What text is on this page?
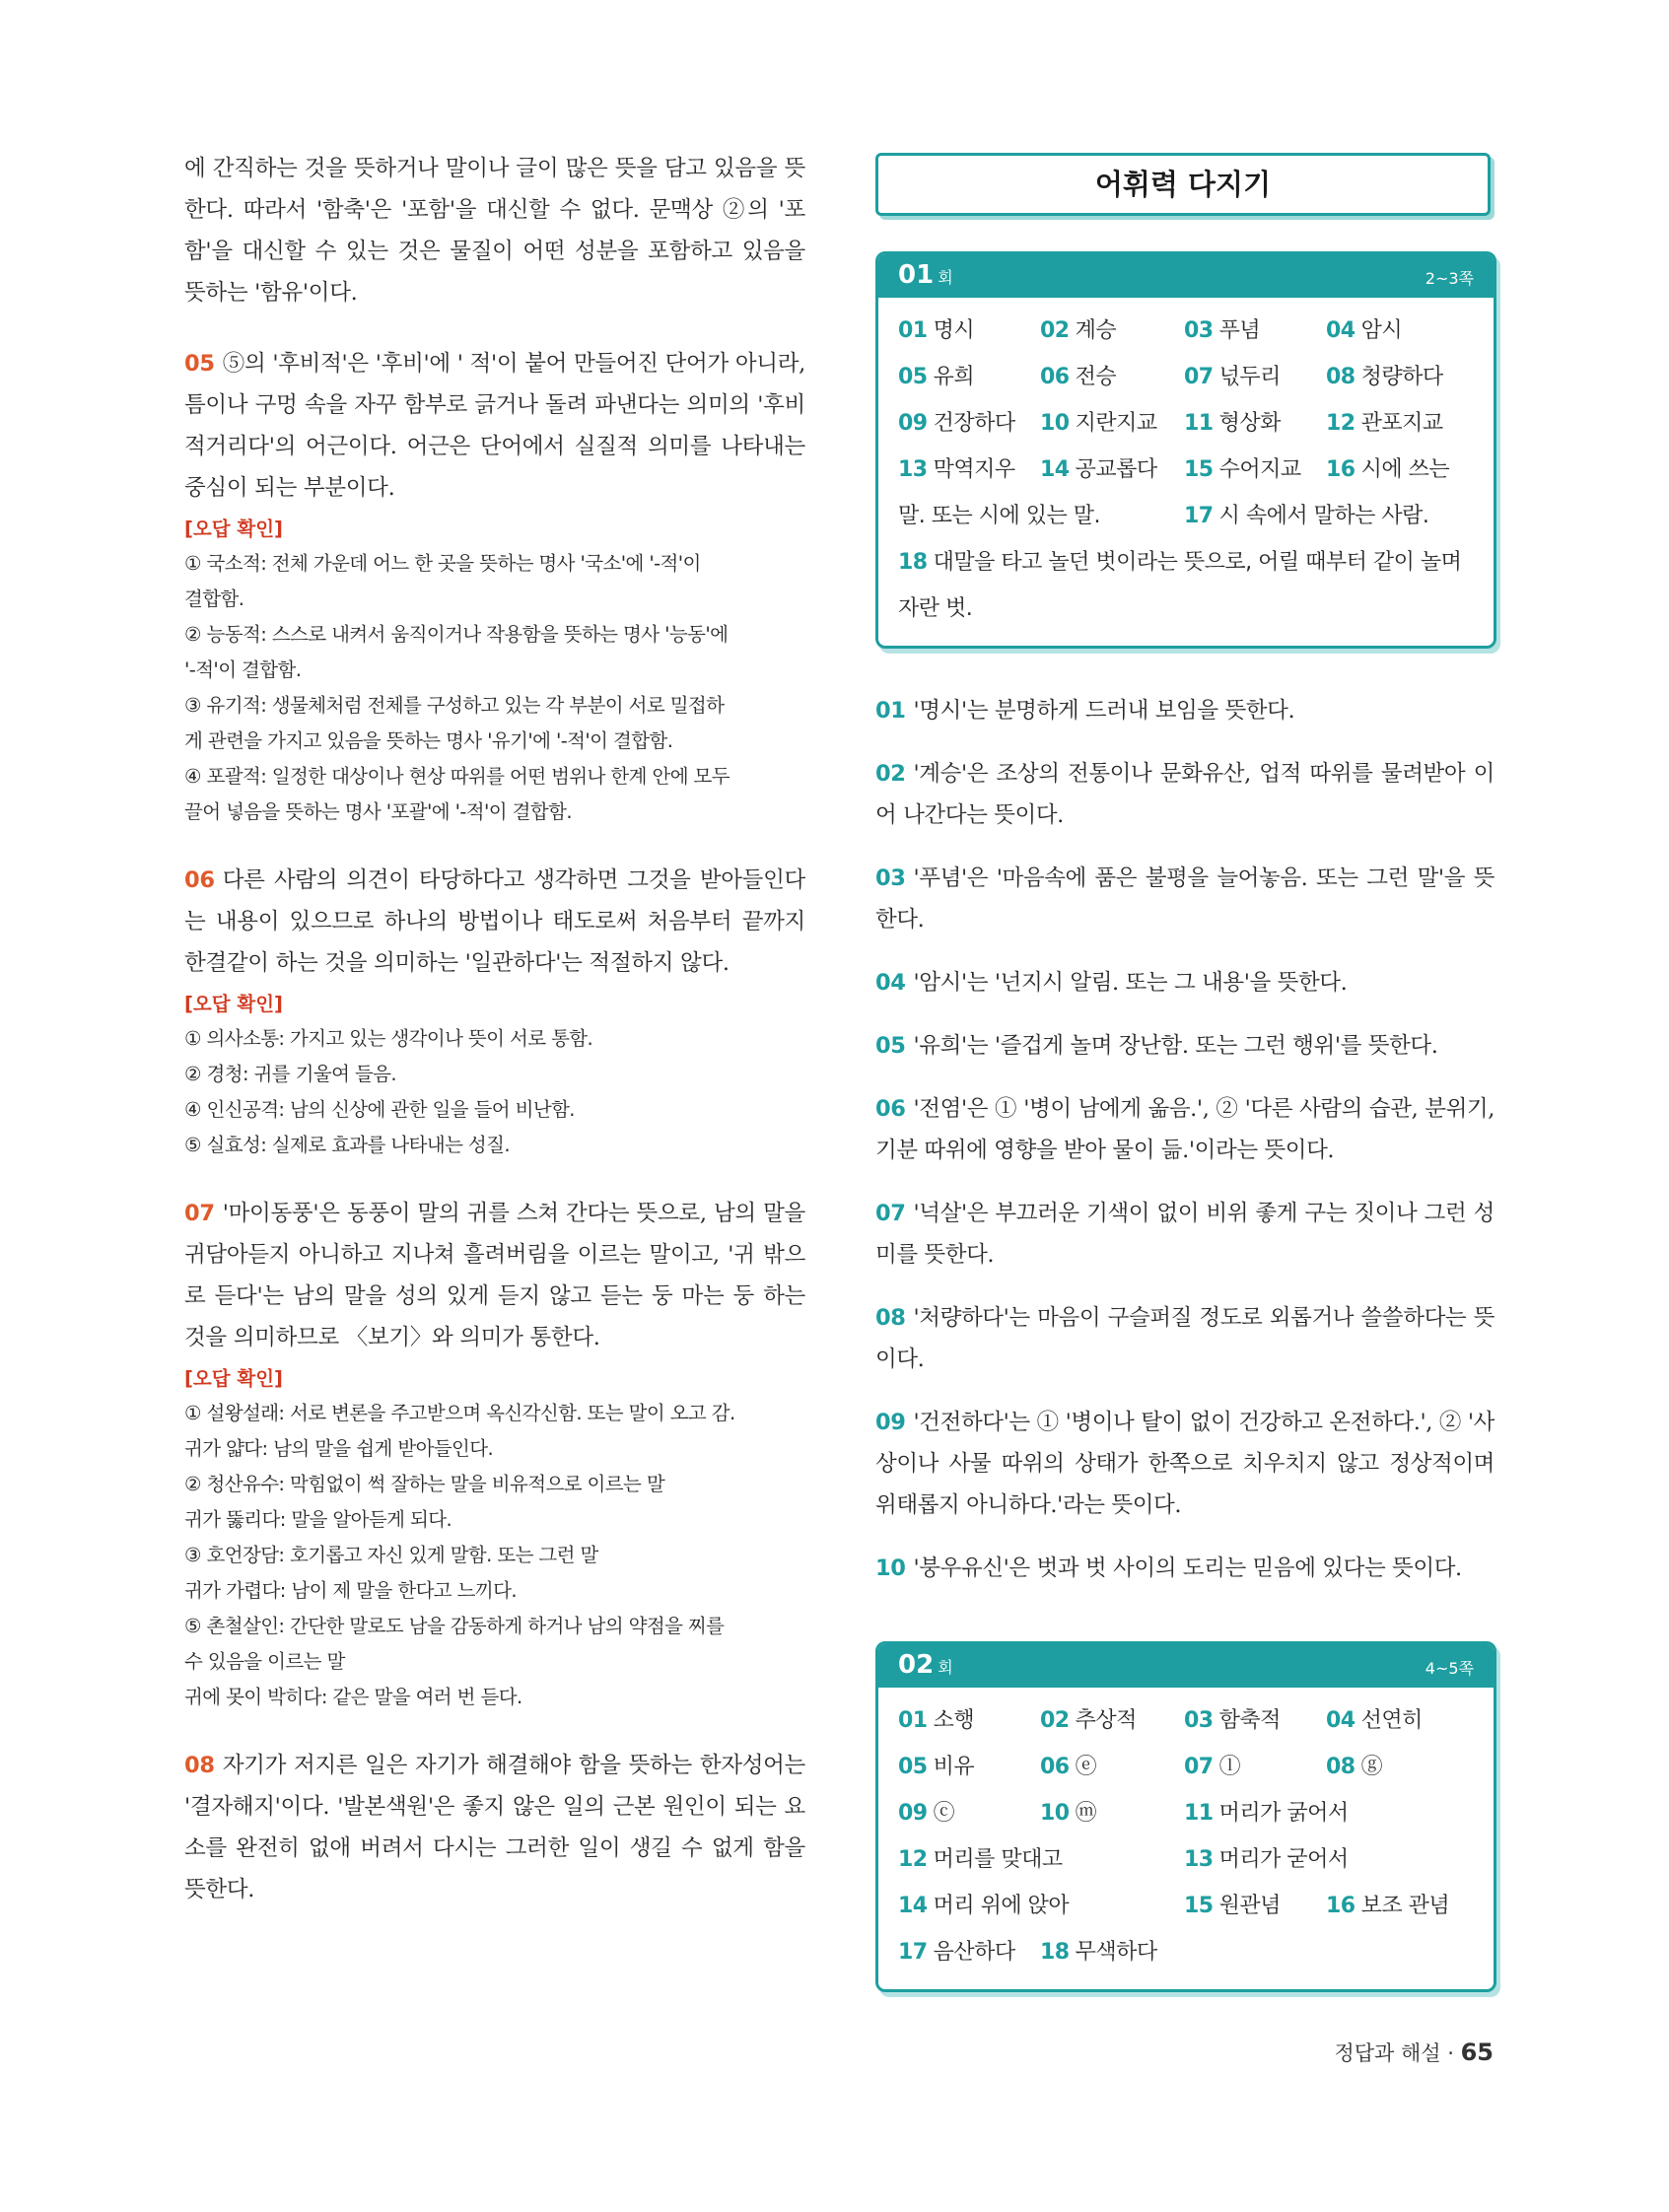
에 간직하는 것을 뜻하거나 말이나 글이 많은 뜻을 담고 있음을 뜻한다. 따라서 '함축'은 '포함'을 대신할 수 없다. 문맥상 ②의 '포함'을 대신할 수 있는 것은 물질이 어떤 성분을 포함하고 있음을 뜻하는 '함유'이다.

05 ⑤의 '후비적'은 '후비'에 ' 적'이 붙어 만들어진 단어가 아니라, 틈이나 구멍 속을 자꾸 함부로 긁거나 돌려 파낸다는 의미의 '후비적거리다'의 어근이다. 어근은 단어에서 실질적 의미를 나타내는 중심이 되는 부분이다.

[오답 확인]
① 국소적: 전체 가운데 어느 한 곳을 뜻하는 명사 '국소'에 '-적'이
결합함.
② 능동적: 스스로 내켜서 움직이거나 작용함을 뜻하는 명사 '능동'에
'-적'이 결합함.
③ 유기적: 생물체처럼 전체를 구성하고 있는 각 부분이 서로 밀접하
게 관련을 가지고 있음을 뜻하는 명사 '유기'에 '-적'이 결합함.
④ 포괄적: 일정한 대상이나 현상 따위를 어떤 범위나 한계 안에 모두
끌어 넣음을 뜻하는 명사 '포괄'에 '-적'이 결합함.

06 다른 사람의 의견이 타당하다고 생각하면 그것을 받아들인다는 내용이 있으므로 하나의 방법이나 태도로써 처음부터 끝까지 한결같이 하는 것을 의미하는 '일관하다'는 적절하지 않다.

[오답 확인]
① 의사소통: 가지고 있는 생각이나 뜻이 서로 통함.
② 경청: 귀를 기울여 들음.
④ 인신공격: 남의 신상에 관한 일을 들어 비난함.
⑤ 실효성: 실제로 효과를 나타내는 성질.

07 '마이동풍'은 동풍이 말의 귀를 스쳐 간다는 뜻으로, 남의 말을 귀담아듣지 아니하고 지나쳐 흘려버림을 이르는 말이고, '귀 밖으로 듣다'는 남의 말을 성의 있게 듣지 않고 듣는 둥 마는 둥 하는 것을 의미하므로 〈보기〉와 의미가 통한다.

[오답 확인]
① 설왕설래: 서로 변론을 주고받으며 옥신각신함. 또는 말이 오고 감.
귀가 얇다: 남의 말을 쉽게 받아들인다.
② 청산유수: 막힘없이 썩 잘하는 말을 비유적으로 이르는 말
귀가 뚫리다: 말을 알아듣게 되다.
③ 호언장담: 호기롭고 자신 있게 말함. 또는 그런 말
귀가 가렵다: 남이 제 말을 한다고 느끼다.
⑤ 촌철살인: 간단한 말로도 남을 감동하게 하거나 남의 약점을 찌를
수 있음을 이르는 말
귀에 못이 박히다: 같은 말을 여러 번 듣다.

08 자기가 저지른 일은 자기가 해결해야 함을 뜻하는 한자성어는 '결자해지'이다. '발본색원'은 좋지 않은 일의 근본 원인이 되는 요소를 완전히 없애 버려서 다시는 그러한 일이 생길 수 없게 함을 뜻한다.

어휘력 다지기
01 회	2~3쪽
01 명시	02 계승	03 푸념	04 암시
05 유희	06 전승	07 넋두리	08 청량하다
09 건장하다	10 지란지교	11 형상화	12 관포지교
13 막역지우	14 공교롭다	15 수어지교	16 시에 쓰는
말. 또는 시에 있는 말.	17 시 속에서 말하는 사람.
18 대말을 타고 놀던 벗이라는 뜻으로, 어릴 때부터 같이 놀며 자란 벗.

01 '명시'는 분명하게 드러내 보임을 뜻한다.

02 '계승'은 조상의 전통이나 문화유산, 업적 따위를 물려받아 이어 나간다는 뜻이다.

03 '푸념'은 '마음속에 품은 불평을 늘어놓음. 또는 그런 말'을 뜻한다.

04 '암시'는 '넌지시 알림. 또는 그 내용'을 뜻한다.

05 '유희'는 '즐겁게 놀며 장난함. 또는 그런 행위'를 뜻한다.

06 '전염'은 ① '병이 남에게 옮음.', ② '다른 사람의 습관, 분위기, 기분 따위에 영향을 받아 물이 듦.'이라는 뜻이다.

07 '넉살'은 부끄러운 기색이 없이 비위 좋게 구는 짓이나 그런 성미를 뜻한다.

08 '처량하다'는 마음이 구슬퍼질 정도로 외롭거나 쓸쓸하다는 뜻이다.

09 '건전하다'는 ① '병이나 탈이 없이 건강하고 온전하다.', ② '사상이나 사물 따위의 상태가 한쪽으로 치우치지 않고 정상적이며 위태롭지 아니하다.'라는 뜻이다.

10 '붕우유신'은 벗과 벗 사이의 도리는 믿음에 있다는 뜻이다.

02 회	4~5쪽
01 소행	02 추상적	03 함축적	04 선연히
05 비유	06 ⓔ	07 ⓛ	08 ⓖ
09 ⓒ	10 ⓜ	11 머리가 굵어서
12 머리를 맞대고	13 머리가 굳어서
14 머리 위에 앉아	15 원관념	16 보조 관념
17 음산하다	18 무색하다
정답과 해설 · 65
